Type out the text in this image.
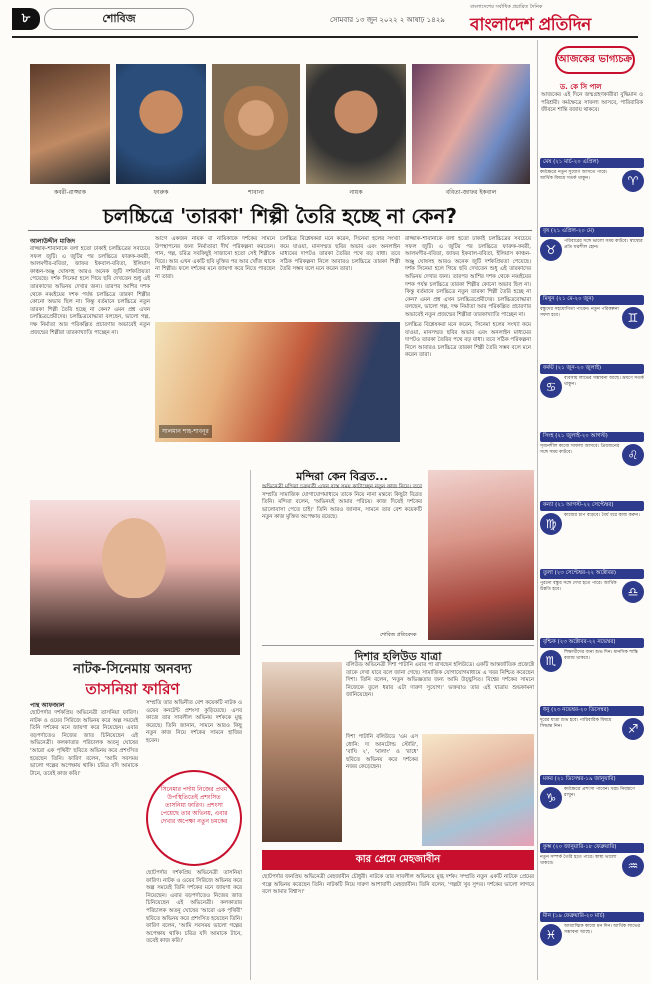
৮	শোবিজ	সোমবার ১৩ জুন ২০২২ ২ আষাঢ় ১৪২৯
বাংলাদেশের সর্বাধিক প্রচারিত দৈনিক
বাংলাদেশ প্রতিদিন
কবরী-রাজ্জাক	ফারুক	শাবানা	নায়ক	ববিতা-জাফর ইকবাল
চলচ্চিত্রে 'তারকা' শিল্পী তৈরি হচ্ছে না কেন?
আলাউদ্দীন মাজিদ
রাজ্জাক-শাবানাকে বলা হতো ঢাকাই চলচ্চিত্রের সবচেয়ে সফল জুটি। এ জুটির পর চলচ্চিত্রে ফারুক-কবরী, আলমগীর-ববিতা, জাফর ইকবাল-ববিতা, ইলিয়াস কাঞ্চন-অঞ্জু ঘোষসহ আরও অনেক জুটি দর্শকপ্রিয়তা পেয়েছে। দর্শক সিনেমা হলে গিয়ে ছবি দেখতেন শুধু এই তারকাদের অভিনয় দেখার জন্য। তারপর আশির দশক থেকে নব্বইয়ের দশক পর্যন্ত চলচ্চিত্রে তারকা শিল্পীর কোনো অভাব ছিল না। কিন্তু বর্তমানে চলচ্চিত্রে নতুন তারকা শিল্পী তৈরি হচ্ছে না কেন? এমন প্রশ্ন এখন চলচ্চিত্রপ্রেমীদের। চলচ্চিত্রবোদ্ধারা বলছেন, ভালো গল্প, দক্ষ নির্মাতা আর পরিকল্পিত প্রচারণার অভাবেই নতুন প্রজন্মের শিল্পীরা তারকাখ্যাতি পাচ্ছেন না।
আগে একজন নায়ক বা নায়িকাকে দর্শকের সামনে উপস্থাপনের জন্য নির্মাতারা দীর্ঘ পরিকল্পনা করতেন। গান, গল্প, চরিত্র সবকিছুই সাজানো হতো সেই শিল্পীকে ঘিরে। আর এখন একটি ছবি মুক্তির পর আর খোঁজ থাকে না শিল্পীর। ফলে দর্শকের মনে জায়গা করে নিতে পারছেন না তারা।
চলচ্চিত্র বিশ্লেষকরা মনে করেন, সিনেমা হলের সংখ্যা কমে যাওয়া, মানসম্মত ছবির অভাব এবং অনলাইন মাধ্যমের দাপটও তারকা তৈরির পথে বড় বাধা। তবে সঠিক পরিকল্পনা নিলে আবারও চলচ্চিত্রে তারকা শিল্পী তৈরি সম্ভব বলে মনে করেন তারা।
রাজ্জাক-শাবানাকে বলা হতো ঢাকাই চলচ্চিত্রের সবচেয়ে সফল জুটি। এ জুটির পর চলচ্চিত্রে ফারুক-কবরী, আলমগীর-ববিতা, জাফর ইকবাল-ববিতা, ইলিয়াস কাঞ্চন-অঞ্জু ঘোষসহ আরও অনেক জুটি দর্শকপ্রিয়তা পেয়েছে। দর্শক সিনেমা হলে গিয়ে ছবি দেখতেন শুধু এই তারকাদের অভিনয় দেখার জন্য। তারপর আশির দশক থেকে নব্বইয়ের দশক পর্যন্ত চলচ্চিত্রে তারকা শিল্পীর কোনো অভাব ছিল না। কিন্তু বর্তমানে চলচ্চিত্রে নতুন তারকা শিল্পী তৈরি হচ্ছে না কেন? এমন প্রশ্ন এখন চলচ্চিত্রপ্রেমীদের। চলচ্চিত্রবোদ্ধারা বলছেন, ভালো গল্প, দক্ষ নির্মাতা আর পরিকল্পিত প্রচারণার অভাবেই নতুন প্রজন্মের শিল্পীরা তারকাখ্যাতি পাচ্ছেন না।
সালমান শাহ-শাবনূর
চলচ্চিত্র বিশ্লেষকরা মনে করেন, সিনেমা হলের সংখ্যা কমে যাওয়া, মানসম্মত ছবির অভাব এবং অনলাইন মাধ্যমের দাপটও তারকা তৈরির পথে বড় বাধা। তবে সঠিক পরিকল্পনা নিলে আবারও চলচ্চিত্রে তারকা শিল্পী তৈরি সম্ভব বলে মনে করেন তারা।
নাটক-সিনেমায় অনবদ্য
তাসনিয়া ফারিণ
পান্থ আফজাল
ছোটপর্দার দর্শকপ্রিয় অভিনেত্রী তাসনিয়া ফারিণ। নাটক ও ওয়েব সিরিজে অভিনয় করে অল্প সময়েই তিনি দর্শকের মনে জায়গা করে নিয়েছেন। এবার বড়পর্দাতেও নিজের জাত চিনিয়েছেন এই অভিনেত্রী। কলকাতার পরিচালক অতনু ঘোষের 'আরো এক পৃথিবী' ছবিতে অভিনয় করে প্রশংসিত হয়েছেন তিনি। ফারিণ বলেন, 'আমি সবসময় ভালো গল্পের অপেক্ষায় থাকি। চরিত্র যদি আমাকে টানে, তবেই কাজ করি।'
সম্প্রতি তার অভিনীত বেশ কয়েকটি নাটক ও ওয়েব কনটেন্ট প্রশংসা কুড়িয়েছে। এসব কাজে তার সাবলীল অভিনয় দর্শককে মুগ্ধ করেছে। তিনি জানান, সামনে আরও কিছু নতুন কাজ নিয়ে দর্শকের সামনে হাজির হবেন।
সিনেমার পর্দায় নিজের প্রথম উপস্থিতিতেই প্রশংসিত তাসনিয়া ফারিণ। প্রশংসা পেয়েছে তার অভিনয়, এবার দেখার অপেক্ষা নতুন চমকের
ছোটপর্দার দর্শকপ্রিয় অভিনেত্রী তাসনিয়া ফারিণ। নাটক ও ওয়েব সিরিজে অভিনয় করে অল্প সময়েই তিনি দর্শকের মনে জায়গা করে নিয়েছেন। এবার বড়পর্দাতেও নিজের জাত চিনিয়েছেন এই অভিনেত্রী। কলকাতার পরিচালক অতনু ঘোষের 'আরো এক পৃথিবী' ছবিতে অভিনয় করে প্রশংসিত হয়েছেন তিনি। ফারিণ বলেন, 'আমি সবসময় ভালো গল্পের অপেক্ষায় থাকি। চরিত্র যদি আমাকে টানে, তবেই কাজ করি।'
মন্দিরা কেন বিব্রত...
অভিনেত্রী মন্দিরা চক্রবর্তী এখন ব্যস্ত সময় কাটাচ্ছেন নতুন কাজ নিয়ে। তবে সম্প্রতি সামাজিক যোগাযোগমাধ্যমে তাকে নিয়ে নানা মন্তব্যে কিছুটা বিব্রত তিনি। মন্দিরা বলেন, 'অভিনয়ই আমার পরিচয়। কাজ দিয়েই দর্শকের ভালোবাসা পেতে চাই।' তিনি আরও জানান, সামনে তার বেশ কয়েকটি নতুন কাজ মুক্তির অপেক্ষায় রয়েছে।
শোবিজ প্রতিবেদক
দিশার হলিউড যাত্রা
বলিউড অভিনেত্রী দিশা পাটানি এবার পা রাখছেন হলিউডে। একটি আন্তর্জাতিক প্রজেক্টে তাকে দেখা যাবে বলে জানা গেছে। সামাজিক যোগাযোগমাধ্যমে এ খবর নিশ্চিত করেছেন দিশা। তিনি বলেন, 'নতুন অভিজ্ঞতার জন্য আমি উচ্ছ্বসিত। বিশ্বের দর্শকের সামনে নিজেকে তুলে ধরার এটা দারুণ সুযোগ।' ভক্তরাও তার এই যাত্রায় শুভকামনা জানিয়েছেন।
দিশা পাটানি বলিউডে 'এম এস ধোনি: দ্য আনটোল্ড স্টোরি', 'বাঘি ২', 'মালাং' ও 'রাধে' ছবিতে অভিনয় করে দর্শকের নজর কেড়েছেন।
কার প্রেমে মেহজাবীন
ছোটপর্দার জনপ্রিয় অভিনেত্রী মেহজাবীন চৌধুরী। নাটকে তার সাবলীল অভিনয়ে মুগ্ধ দর্শক। সম্প্রতি নতুন একটি নাটকে প্রেমের গল্পে অভিনয় করেছেন তিনি। নাটকটি নিয়ে দারুণ আশাবাদী মেহজাবীন। তিনি বলেন, 'গল্পটা খুব সুন্দর। দর্শকের ভালো লাগবে বলে আমার বিশ্বাস।'
আজকের ভাগ্যচক্র
ড. কে সি পাল
আজকের এই দিনে জন্মগ্রহণকারীরা বুদ্ধিমান ও পরিশ্রমী। কর্মক্ষেত্রে সাফল্য আসবে, পারিবারিক জীবনে শান্তি বজায় থাকবে।
মেষ (২১ মার্চ-২০ এপ্রিল)
কর্মক্ষেত্রে নতুন সুযোগ আসতে পারে। আর্থিক বিষয়ে সতর্ক থাকুন।	♈
বৃষ (২১ এপ্রিল-২০ মে)
♉
পরিবারের সঙ্গে ভালো সময় কাটবে। স্বাস্থ্যের প্রতি যত্নশীল হোন।
মিথুন (২১ মে-২০ জুন)
বন্ধুদের সহযোগিতা পাবেন। নতুন পরিকল্পনা সফল হবে।	♊
কর্কট (২১ জুন-২০ জুলাই)
♋
ব্যবসায় লাভের সম্ভাবনা আছে। ভ্রমণে সতর্ক থাকুন।
সিংহ (২১ জুলাই-২০ আগস্ট)
সৃজনশীল কাজে সাফল্য আসবে। প্রিয়জনের সঙ্গে সময় কাটবে।	♌
কন্যা (২১ আগস্ট-২২ সেপ্টেম্বর)
♍
কাজের চাপ বাড়বে। ধৈর্য ধরে কাজ করুন।
তুলা (২৩ সেপ্টেম্বর-২২ অক্টোবর)
পুরনো বন্ধুর সঙ্গে দেখা হতে পারে। আর্থিক উন্নতি হবে।	♎
বৃশ্চিক (২৩ অক্টোবর-২২ নভেম্বর)
♏
শিক্ষার্থীদের জন্য শুভ দিন। মানসিক শান্তি বজায় থাকবে।
ধনু (২৩ নভেম্বর-২০ ডিসেম্বর)
দূরের যাত্রা শুভ হবে। পারিবারিক বিষয়ে সিদ্ধান্ত নিন।	♐
মকর (২১ ডিসেম্বর-১৯ জানুয়ারি)
♑
কর্মক্ষেত্রে প্রশংসা পাবেন। খরচ নিয়ন্ত্রণে রাখুন।
কুম্ভ (২০ জানুয়ারি-১৮ ফেব্রুয়ারি)
নতুন সম্পর্ক তৈরি হতে পারে। স্বাস্থ্য ভালো থাকবে।	♒
মীন (১৯ ফেব্রুয়ারি-২০ মার্চ)
♓
আধ্যাত্মিক কাজে মন দিন। আর্থিক লাভের সম্ভাবনা আছে।
